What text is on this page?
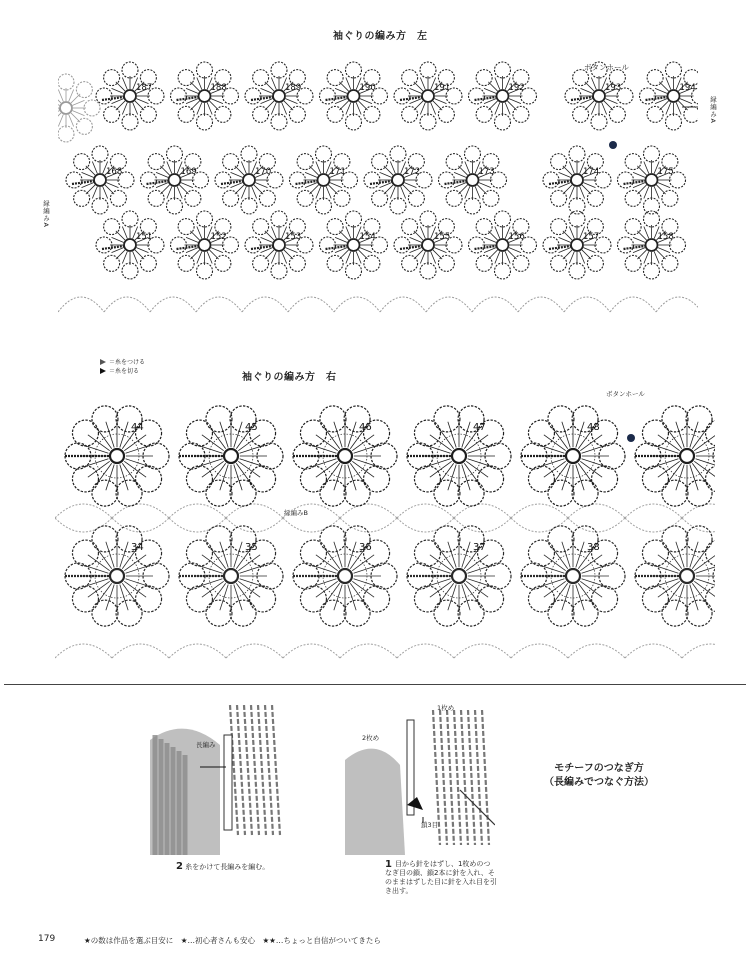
袖ぐりの編み方　左
ボタンホール
縁編みA
縁編みA
187	188	189	190	191	192	193	194
168	169	170	171	172	173	174	175
151	152	153	154	155	156	157	158
＝糸をつける
＝糸を切る
袖ぐりの編み方　右
ボタンホール
縁編みB
44	45	46	47	48
34	35	36	37	38
長編み
2 糸をかけて長編みを編む。
1枚め
2枚め
鎖3目
1 目から針をはずし、1枚めのつなぎ目の鎖、鎖2本に針を入れ、そのままはずした目に針を入れ目を引き出す。
モチーフのつなぎ方
（長編みでつなぐ方法）
179	★の数は作品を選ぶ目安に　★…初心者さんも安心　★★…ちょっと自信がついてきたら
